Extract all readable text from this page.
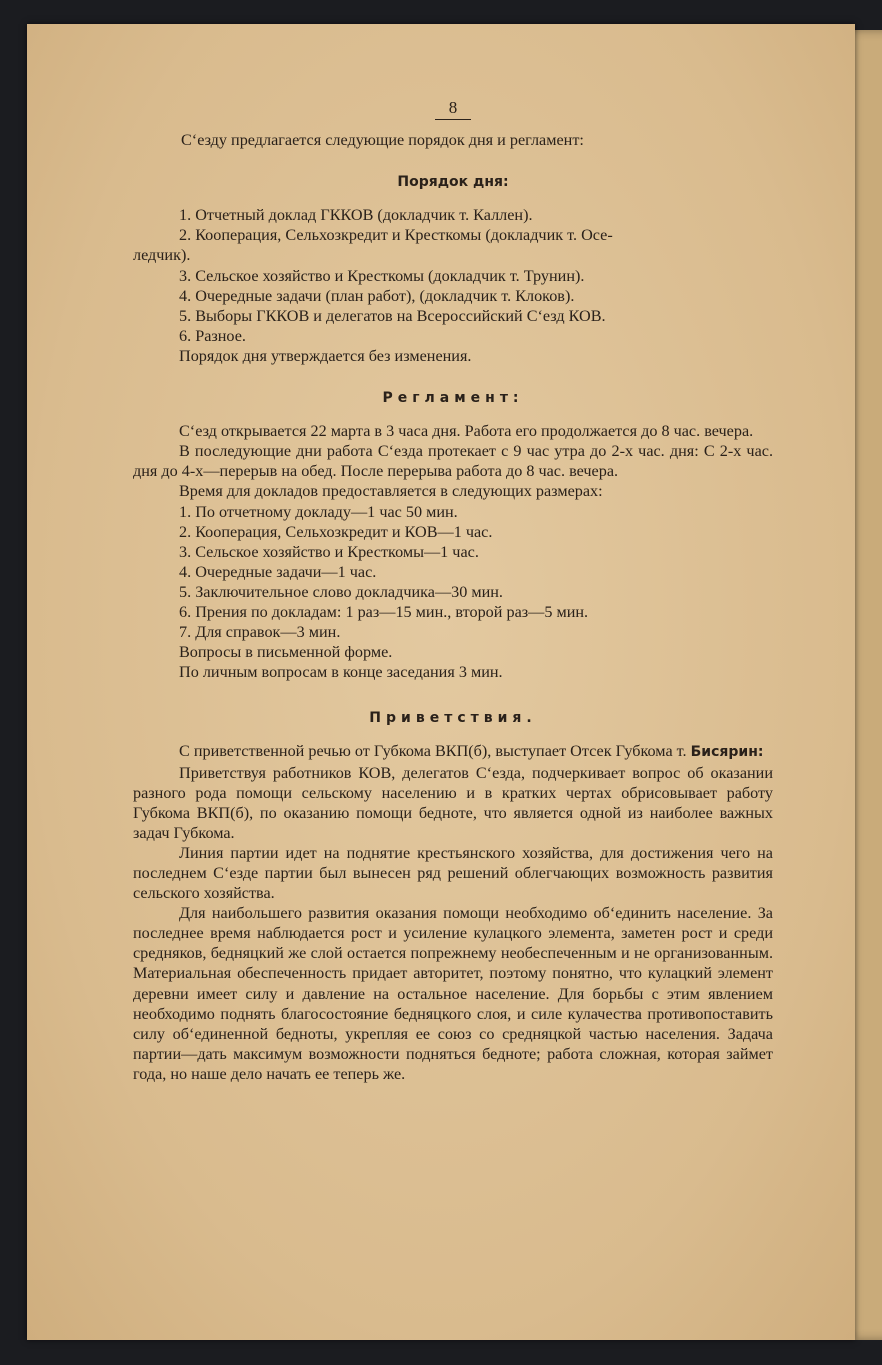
8

С‘езду предлагается следующие порядок дня и регламент:

Порядок дня:

1. Отчетный доклад ГККОВ (докладчик т. Каллен).

2. Кооперация, Сельхозкредит и Кресткомы (докладчик т. Осе-

ледчик).

3. Сельское хозяйство и Кресткомы (докладчик т. Трунин).

4. Очередные задачи (план работ), (докладчик т. Клоков).

5. Выборы ГККОВ и делегатов на Всероссийский С‘езд КОВ.

6. Разное.

Порядок дня утверждается без изменения.

Регламент:

С‘езд открывается 22 марта в 3 часа дня. Работа его продолжается до 8 час. вечера.

В последующие дни работа С‘езда протекает с 9 час утра до 2-х час. дня: С 2-х час. дня до 4-х—перерыв на обед. После перерыва работа до 8 час. вечера.

Время для докладов предоставляется в следующих размерах:

1. По отчетному докладу—1 час 50 мин.

2. Кооперация, Сельхозкредит и КОВ—1 час.

3. Сельское хозяйство и Кресткомы—1 час.

4. Очередные задачи—1 час.

5. Заключительное слово докладчика—30 мин.

6. Прения по докладам: 1 раз—15 мин., второй раз—5 мин.

7. Для справок—3 мин.

Вопросы в письменной форме.

По личным вопросам в конце заседания 3 мин.

Приветствия.

С приветственной речью от Губкома ВКП(б), выступает Отсек Губкома т. Бисярин:

Приветствуя работников КОВ, делегатов С‘езда, подчеркивает вопрос об оказании разного рода помощи сельскому населению и в кратких чертах обрисовывает работу Губкома ВКП(б), по оказанию помощи бедноте, что является одной из наиболее важных задач Губкома.

Линия партии идет на поднятие крестьянского хозяйства, для достижения чего на последнем С‘езде партии был вынесен ряд решений облегчающих возможность развития сельского хозяйства.

Для наибольшего развития оказания помощи необходимо об‘единить население. За последнее время наблюдается рост и усиление кулацкого элемента, заметен рост и среди средняков, бедняцкий же слой остается попрежнему необеспеченным и не организованным. Материальная обеспеченность придает авторитет, поэтому понятно, что кулацкий элемент деревни имеет силу и давление на остальное население. Для борьбы с этим явлением необходимо поднять благосостояние бедняцкого слоя, и силе кулачества противопоставить силу об‘единенной бедноты, укрепляя ее союз со средняцкой частью населения. Задача партии—дать максимум возможности подняться бедноте; работа сложная, которая займет года, но наше дело начать ее теперь же.
